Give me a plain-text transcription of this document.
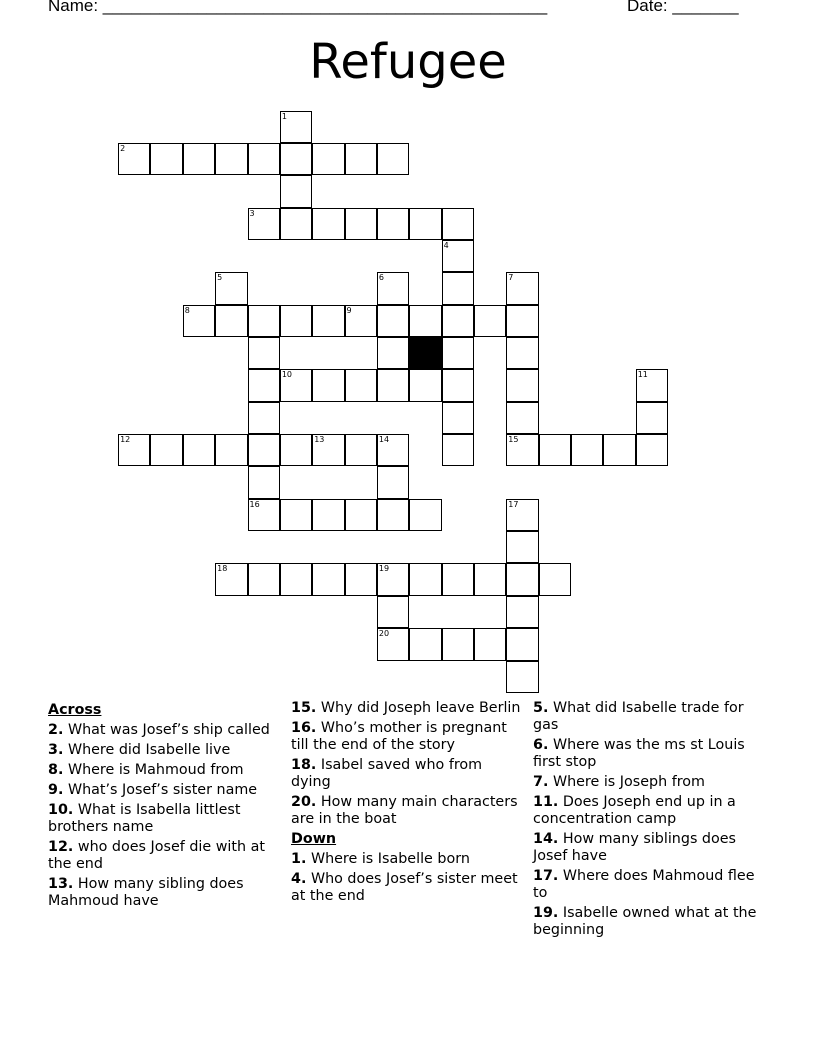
Name: _______________________________________________	Date: _______
Refugee
1
2
3
4
5	6	7
8	9
10	11
12	13	14	15
16	17
18	19
20
Across
2. What was Josef’s ship called
3. Where did Isabelle live
8. Where is Mahmoud from
9. What’s Josef’s sister name
10. What is Isabella littlest brothers name
12. who does Josef die with at the end
13. How many sibling does Mahmoud have
15. Why did Joseph leave Berlin
16. Who’s mother is pregnant till the end of the story
18. Isabel saved who from dying
20. How many main characters are in the boat
Down
1. Where is Isabelle born
4. Who does Josef’s sister meet at the end
5. What did Isabelle trade for gas
6. Where was the ms st Louis first stop
7. Where is Joseph from
11. Does Joseph end up in a concentration camp
14. How many siblings does Josef have
17. Where does Mahmoud flee to
19. Isabelle owned what at the beginning
